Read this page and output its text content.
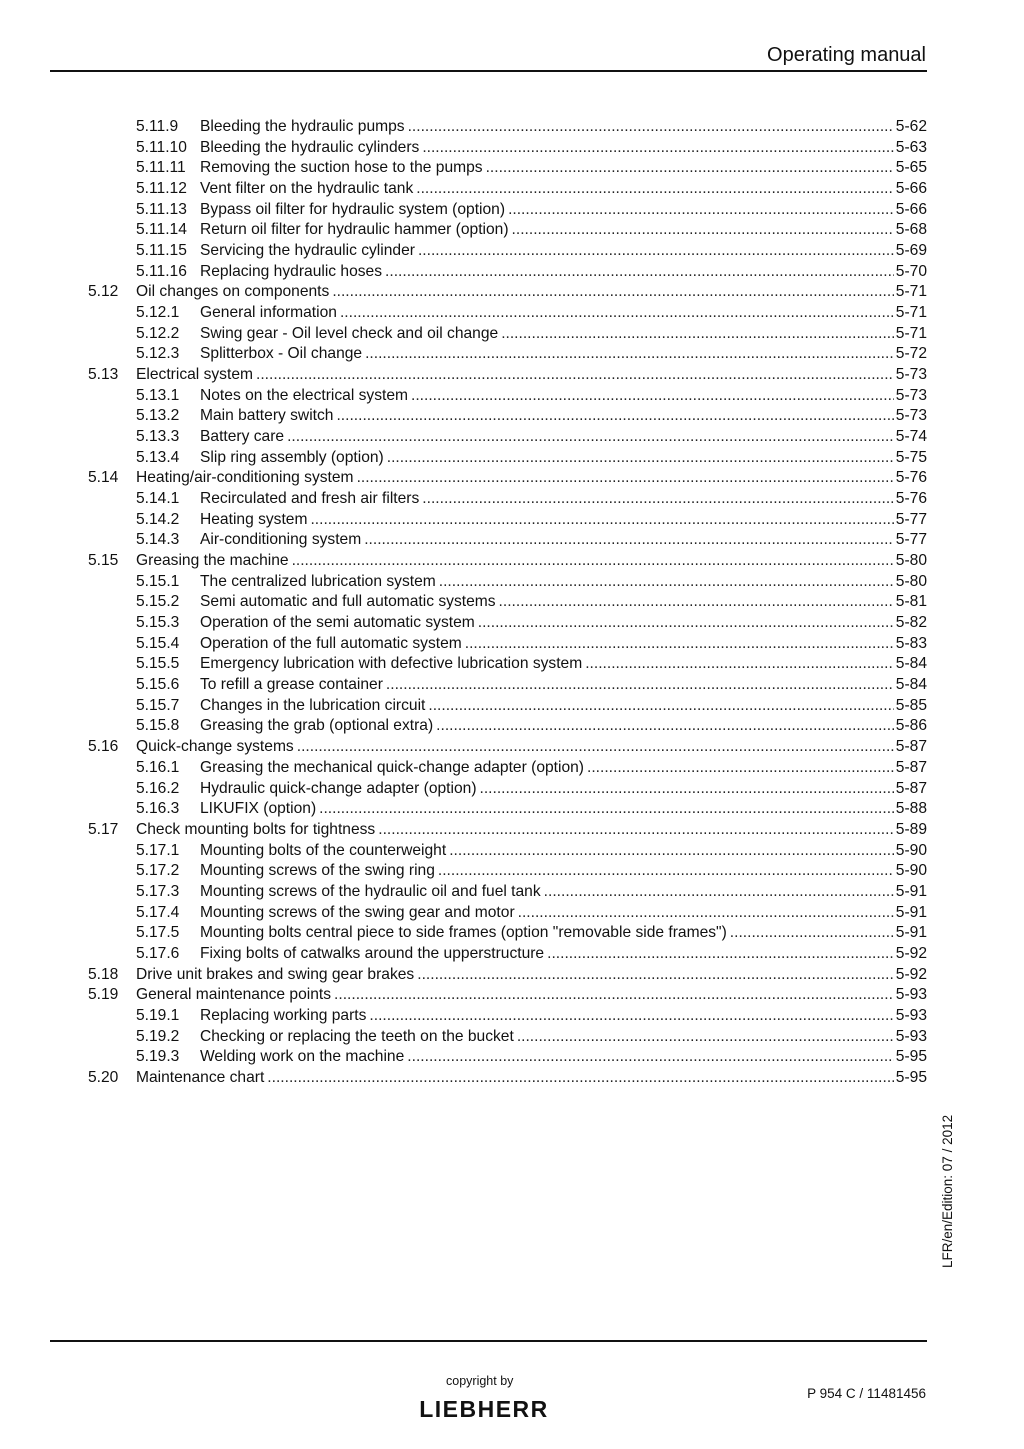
Operating manual
5.11.9 Bleeding the hydraulic pumps .....	5-62
5.11.10 Bleeding the hydraulic cylinders .....	5-63
5.11.11 Removing the suction hose to the pumps .....	5-65
5.11.12 Vent filter on the hydraulic tank .....	5-66
5.11.13 Bypass oil filter for hydraulic system (option) .....	5-66
5.11.14 Return oil filter for hydraulic hammer (option) .....	5-68
5.11.15 Servicing the hydraulic cylinder .....	5-69
5.11.16 Replacing hydraulic hoses .....	5-70
5.12 Oil changes on components .....	5-71
5.12.1 General information .....	5-71
5.12.2 Swing gear - Oil level check and oil change .....	5-71
5.12.3 Splitterbox - Oil change .....	5-72
5.13 Electrical system .....	5-73
5.13.1 Notes on the electrical system .....	5-73
5.13.2 Main battery switch .....	5-73
5.13.3 Battery care .....	5-74
5.13.4 Slip ring assembly (option) .....	5-75
5.14 Heating/air-conditioning system .....	5-76
5.14.1 Recirculated and fresh air filters .....	5-76
5.14.2 Heating system .....	5-77
5.14.3 Air-conditioning system .....	5-77
5.15 Greasing the machine .....	5-80
5.15.1 The centralized lubrication system .....	5-80
5.15.2 Semi automatic and full automatic systems .....	5-81
5.15.3 Operation of the semi automatic system .....	5-82
5.15.4 Operation of the full automatic system .....	5-83
5.15.5 Emergency lubrication with defective lubrication system .....	5-84
5.15.6 To refill a grease container .....	5-84
5.15.7 Changes in the lubrication circuit .....	5-85
5.15.8 Greasing the grab (optional extra) .....	5-86
5.16 Quick-change systems .....	5-87
5.16.1 Greasing the mechanical quick-change adapter (option) .....	5-87
5.16.2 Hydraulic quick-change adapter (option) .....	5-87
5.16.3 LIKUFIX (option) .....	5-88
5.17 Check mounting bolts for tightness .....	5-89
5.17.1 Mounting bolts of the counterweight .....	5-90
5.17.2 Mounting screws of the swing ring .....	5-90
5.17.3 Mounting screws of the hydraulic oil and fuel tank .....	5-91
5.17.4 Mounting screws of the swing gear and motor .....	5-91
5.17.5 Mounting bolts central piece to side frames (option "removable side frames") .....	5-91
5.17.6 Fixing bolts of catwalks around the upperstructure .....	5-92
5.18 Drive unit brakes and swing gear brakes .....	5-92
5.19 General maintenance points .....	5-93
5.19.1 Replacing working parts .....	5-93
5.19.2 Checking or replacing the teeth on the bucket .....	5-93
5.19.3 Welding work on the machine .....	5-95
5.20 Maintenance chart .....	5-95
LFR/en/Edition: 07 / 2012
copyright by
LIEBHERR
P 954 C / 11481456
